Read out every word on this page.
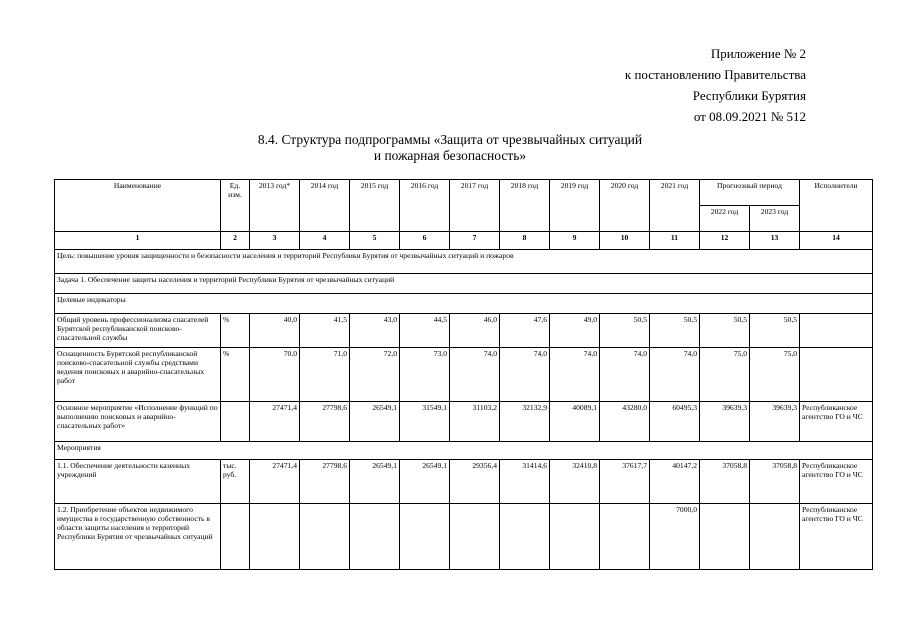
Приложение № 2
к постановлению Правительства
Республики Бурятия
от 08.09.2021 № 512
8.4. Структура подпрограммы «Защита от чрезвычайных ситуаций
и пожарная безопасность»
Наименование	Ед. изм.	2013 год*	2014 год	2015 год	2016 год	2017 год	2018 год	2019 год	2020 год	2021 год	Прогнозный период		Исполнители
											2022 год	2023 год	
1	2	3	4	5	6	7	8	9	10	11	12	13	14
Цель: повышение уровня защищенности и безопасности населения и территорий Республики Бурятия от чрезвычайных ситуаций и пожаров													
Задача 1. Обеспечение защиты населения и территорий Республики Бурятия от чрезвычайных ситуаций													
Целевые индикаторы													
Общий уровень профессионализма спасателей Бурятской республиканской поисково-спасательной службы	%	40,0	41,5	43,0	44,5	46,0	47,6	49,0	50,5	50,5	50,5	50,5	
Оснащенность Бурятской республиканской поисково-спасательной службы средствами ведения поисковых и аварийно-спасательных работ	%	70,0	71,0	72,0	73,0	74,0	74,0	74,0	74,0	74,0	75,0	75,0	
Основное мероприятие «Исполнение функций по выполнению поисковых и аварийно-спасательных работ»		27471,4	27798,6	26549,1	31549,1	31103,2	32132,9	40089,1	43280,0	60495,3	39639,3	39639,3	Республиканское агентство ГО и ЧС
Мероприятия													
1.1. Обеспечение деятельности казенных учреждений	тыс. руб.	27471,4	27798,6	26549,1	26549,1	29356,4	31414,6	32410,8	37617,7	40147,2	37058,8	37058,8	Республиканское агентство ГО и ЧС
1.2. Приобретение объектов недвижимого имущества в государственную собственность в области защиты населения и территорий Республики Бурятия от чрезвычайных ситуаций										7000,0			Республиканское агентство ГО и ЧС
